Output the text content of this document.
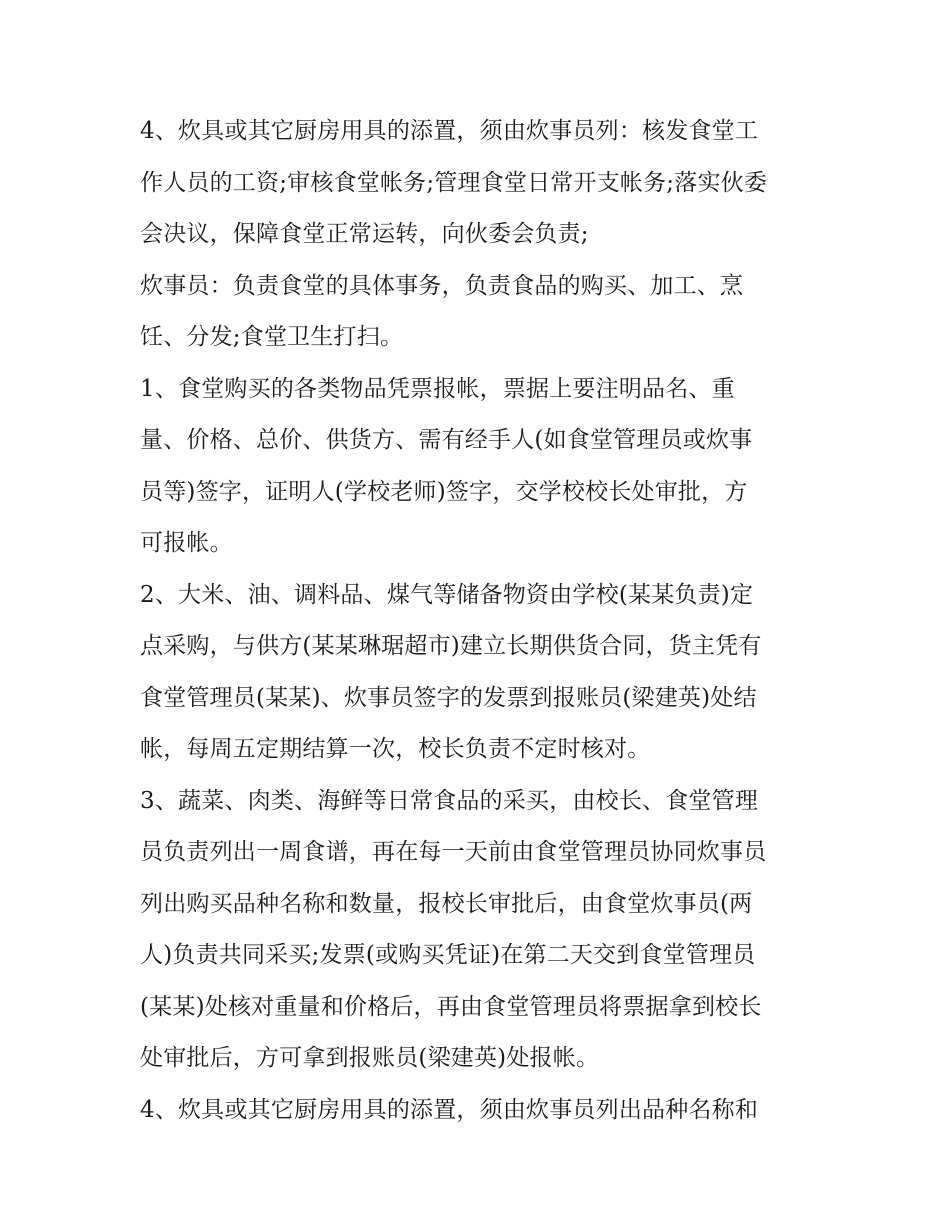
4、炊具或其它厨房用具的添置，须由炊事员列：核发食堂工
作人员的工资;审核食堂帐务;管理食堂日常开支帐务;落实伙委
会决议，保障食堂正常运转，向伙委会负责;

炊事员：负责食堂的具体事务，负责食品的购买、加工、烹
饪、分发;食堂卫生打扫。

1、食堂购买的各类物品凭票报帐，票据上要注明品名、重
量、价格、总价、供货方、需有经手人(如食堂管理员或炊事
员等)签字，证明人(学校老师)签字，交学校校长处审批，方
可报帐。

2、大米、油、调料品、煤气等储备物资由学校(某某负责)定
点采购，与供方(某某琳琚超市)建立长期供货合同，货主凭有
食堂管理员(某某)、炊事员签字的发票到报账员(梁建英)处结
帐，每周五定期结算一次，校长负责不定时核对。

3、蔬菜、肉类、海鲜等日常食品的采买，由校长、食堂管理
员负责列出一周食谱，再在每一天前由食堂管理员协同炊事员
列出购买品种名称和数量，报校长审批后，由食堂炊事员(两
人)负责共同采买;发票(或购买凭证)在第二天交到食堂管理员
(某某)处核对重量和价格后，再由食堂管理员将票据拿到校长
处审批后，方可拿到报账员(梁建英)处报帐。

4、炊具或其它厨房用具的添置，须由炊事员列出品种名称和
